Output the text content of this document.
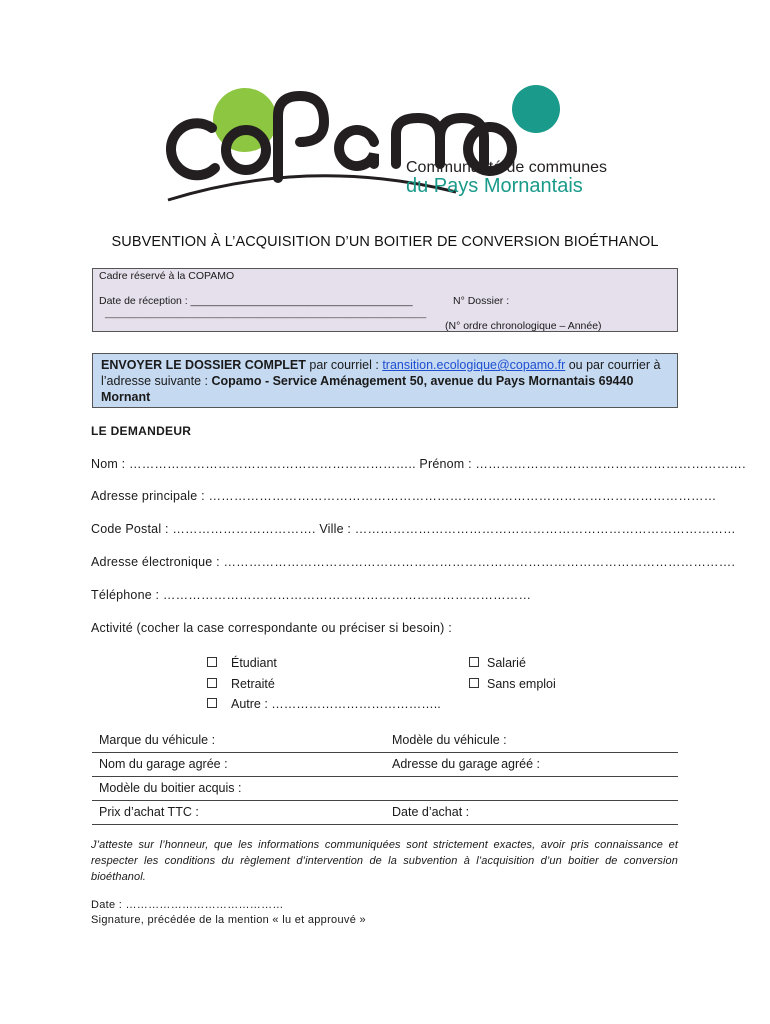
Communauté de communes
du Pays Mornantais
SUBVENTION À L’ACQUISITION D’UN BOITIER DE CONVERSION BIOÉTHANOL
Cadre réservé à la COPAMO
Date de réception : ______________________________________	N° Dossier :
_______________________________________________________
(N° ordre chronologique – Année)
ENVOYER LE DOSSIER COMPLET par courriel : transition.ecologique@copamo.fr ou par courrier à l’adresse suivante : Copamo - Service Aménagement 50, avenue du Pays Mornantais 69440 Mornant
LE DEMANDEUR
Nom : ………………………………………………………….. Prénom : ……………………………………………………….
Adresse principale : …………………………………………………………………………………………………………
Code Postal : ……………………………. Ville : ………………………………………………………………………………
Adresse électronique : ………………………………………………………………………………………………………….
Téléphone : ……………………………………………………………………………
Activité (cocher la case correspondante ou préciser si besoin) :
Étudiant
Retraité
Autre : …………………………………..
Salarié
Sans emploi
Marque du véhicule :	Modèle du véhicule :
Nom du garage agrée :	Adresse du garage agréé :
Modèle du boitier acquis :
Prix d’achat TTC :	Date d’achat :
J’atteste sur l’honneur, que les informations communiquées sont strictement exactes, avoir pris connaissance et respecter les conditions du règlement d’intervention de la subvention à l’acquisition d’un boitier de conversion bioéthanol.
Date : ……………………………………
Signature, précédée de la mention « lu et approuvé »
